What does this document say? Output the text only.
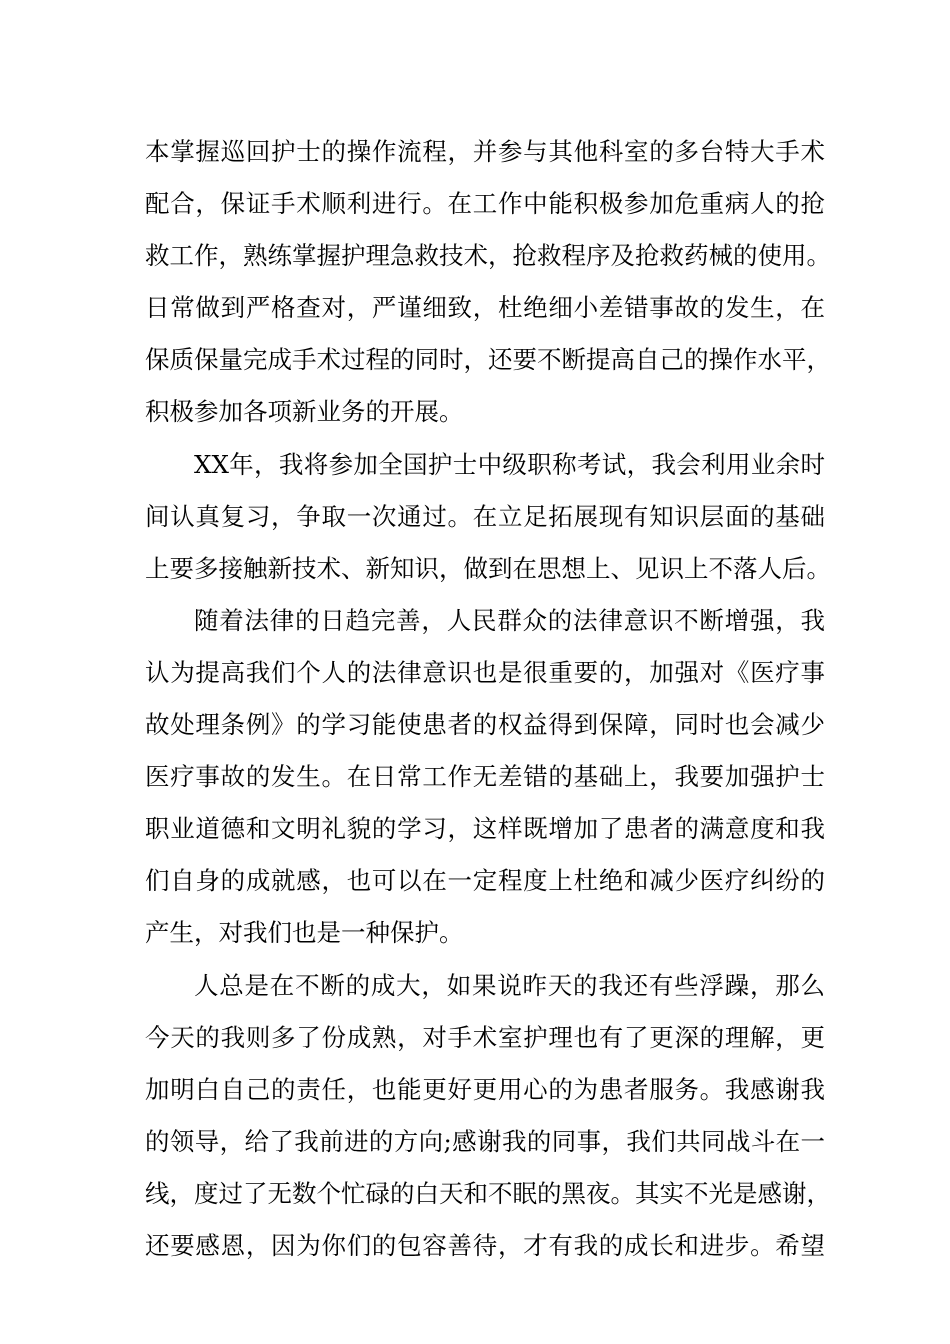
本掌握巡回护士的操作流程，并参与其他科室的多台特大手术
配合，保证手术顺利进行。在工作中能积极参加危重病人的抢
救工作，熟练掌握护理急救技术，抢救程序及抢救药械的使用。
日常做到严格查对，严谨细致，杜绝细小差错事故的发生，在
保质保量完成手术过程的同时，还要不断提高自己的操作水平，
积极参加各项新业务的开展。
XX年，我将参加全国护士中级职称考试，我会利用业余时
间认真复习，争取一次通过。在立足拓展现有知识层面的基础
上要多接触新技术、新知识，做到在思想上、见识上不落人后。
随着法律的日趋完善，人民群众的法律意识不断增强，我
认为提高我们个人的法律意识也是很重要的，加强对《医疗事
故处理条例》的学习能使患者的权益得到保障，同时也会减少
医疗事故的发生。在日常工作无差错的基础上，我要加强护士
职业道德和文明礼貌的学习，这样既增加了患者的满意度和我
们自身的成就感，也可以在一定程度上杜绝和减少医疗纠纷的
产生，对我们也是一种保护。
人总是在不断的成大，如果说昨天的我还有些浮躁，那么
今天的我则多了份成熟，对手术室护理也有了更深的理解，更
加明白自己的责任，也能更好更用心的为患者服务。我感谢我
的领导，给了我前进的方向;感谢我的同事，我们共同战斗在一
线，度过了无数个忙碌的白天和不眠的黑夜。其实不光是感谢，
还要感恩，因为你们的包容善待，才有我的成长和进步。希望
